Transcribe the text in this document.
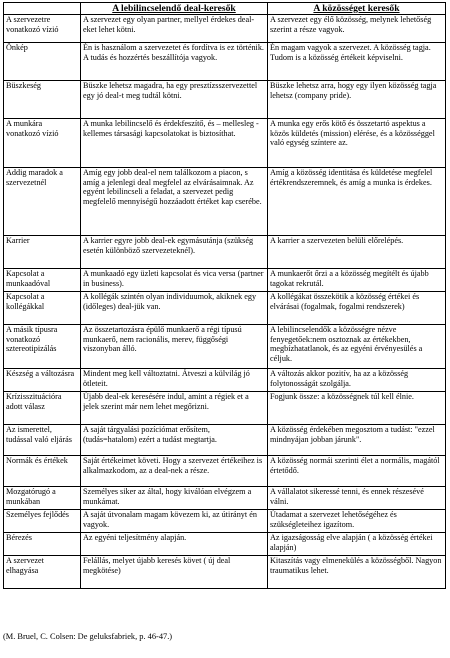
	A lebilincselendő deal-keresők	A közösséget keresők
A szervezetre vonatkozó vízió	A szervezet egy olyan partner, mellyel érdekes deal-eket lehet kötni.	A szervezet egy élő közösség, melynek lehetőség szerint a része vagyok.
Önkép	Én is használom a szervezetet és fordítva is ez történik. A tudás és hozzértés beszállítója vagyok.	Én magam vagyok a szervezet. A közösség tagja. Tudom is a közösség értékeit képviselni.
Büszkeség	Büszke lehetsz magadra, ha egy presztízsszervezettel egy jó deal-t meg tudtál kötni.	Büszke lehetsz arra, hogy egy ilyen közösség tagja lehetsz (company pride).
A munkára vonatkozó vízió	A munka lebilincselő és érdekfeszítő, és – mellesleg - kellemes társasági kapcsolatokat is biztosíthat.	A munka egy erős kötő és összetartó aspektus a közös küldetés (mission) elérése, és a közösséggel való egység színtere az.
Addig maradok a szervezetnél	Amíg egy jobb deal-el nem találkozom a piacon, s amíg a jelenlegi deal megfelel az elvárásaimnak. Az egyént lebilincseli a feladat, a szervezet pedig megfelelő mennyiségű hozzáadott értéket kap cserébe.	Amíg a közösség identitása és küldetése megfelel értékrendszeremnek, és amíg a munka is érdekes.
Karrier	A karrier egyre jobb deal-ek egymásutánja (szükség esetén különböző szervezeteknél).	A karrier a szervezeten belüli előrelépés.
Kapcsolat a munkaadóval	A munkaadó egy üzleti kapcsolat és vica versa (partner in business).	A munkaerőt őrzi a a közösség megítélt és újabb tagokat rekrutál.
Kapcsolat a kollégákkal	A kollégák szintén olyan individuumok, akiknek egy (időleges) deal-jük van.	A kollégákat összekötik a közösség értékei és elvárásai (fogalmak, fogalmi rendszerek)
A másik típusra vonatkozó sztereotipizálás	Az összetartozásra épülő munkaerő a régi típusú munkaerő, nem racionális, merev, függőségi viszonyban álló.	A lebilincselendők a közösségre nézve fenyegetőek:nem osztoznak az értékekben, megbízhatatlanok, és az egyéni érvényesülés a céljuk.
Készség a változásra	Mindent meg kell változtatni. Átveszi a külvilág jó ötleteit.	A változás akkor pozitív, ha az a közösség folytonosságát szolgálja.
Krízisszituációra adott válasz	Újabb deal-ek keresésére indul, amint a régiek et a jelek szerint már nem lehet megőrizni.	Fogjunk össze: a közösségnek túl kell élnie.
Az ismerettel, tudással való eljárás	A saját tárgyalási pozíciómat erősítem, (tudás=hatalom) ezért a tudást megtartja.	A közösség érdekében megosztom a tudást: "ezzel mindnyájan jobban járunk".
Normák és értékek	Saját értékeimet követi. Hogy a szervezet értékeihez is alkalmazkodom, az a deal-nek a része.	A közösség normái szerinti élet a normális, magától értetődő.
Mozgatórugó a munkában	Személyes siker az által, hogy kiválóan elvégzem a munkámat.	A vállalatot sikeressé tenni, és ennek részesévé válni.
Személyes fejlődés	A saját útvonalam magam kövezem ki, az útirányt én vagyok.	Útadamat a szervezet lehetőségéhez és szükségleteihez igazítom.
Bérezés	Az egyéni teljesítmény alapján.	Az igazságosság elve alapján ( a közösség értékei alapján)
A szervezet elhagyása	Felállás, melyet újabb keresés követ ( új deal megkötése)	Kitaszítás vagy elmenekülés a közösségből. Nagyon traumatikus lehet.
(M. Bruel, C. Colsen: De geluksfabriek, p. 46-47.)
